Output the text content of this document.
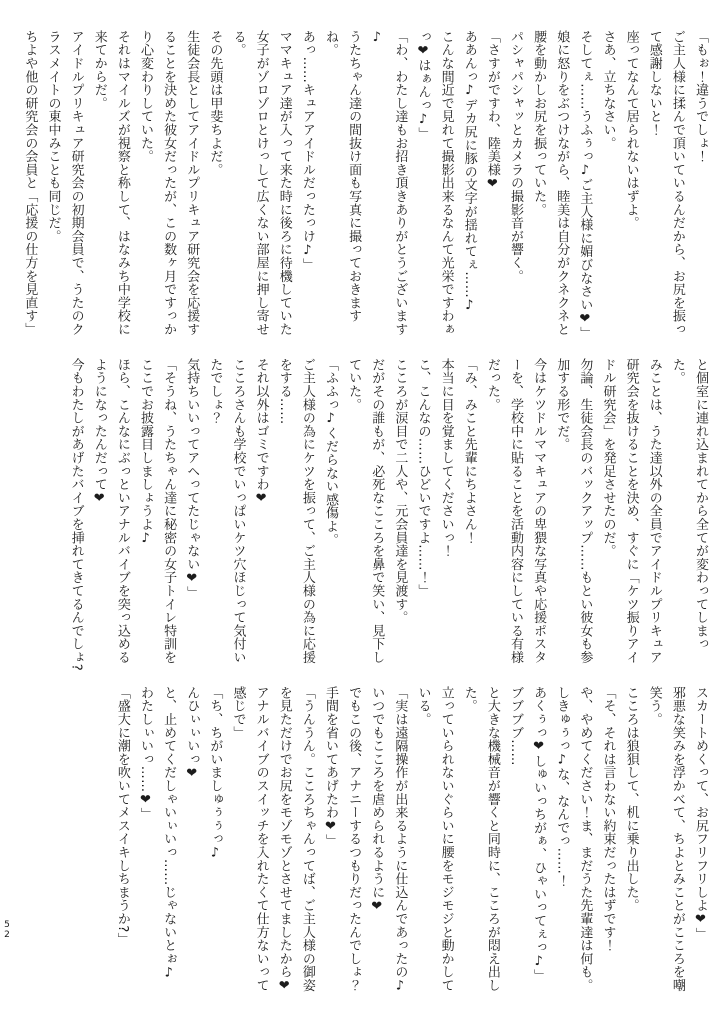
「もぉ！違うでしょ！

ご主人様に揉んで頂いているんだから、お尻を振って感謝しないと！

座ってなんて居られないはずよ。

さあ、立ちなさい。

そしてぇ……うふぅっ♪ご主人様に媚びなさい❤」

娘に怒りをぶつけながら、睦美は自分がクネクネと腰を動かしお尻を振っていた。

パシャパシャッとカメラの撮影音が響く。

「さすがですわ、陸美様❤

ああんっ♪デカ尻に豚の文字が揺れてぇ……♪

こんな間近で見れて撮影出来るなんて光栄ですわぁっ❤はぁんっ♪」

「わ、わたし達もお招き頂きありがとうございます♪

うたちゃん達の間抜け面も写真に撮っておきますね。

あっ……キュアアイドルだったっけ♪」

ママキュア達が入って来た時に後ろに待機していた女子がゾロゾロとけっして広くない部屋に押し寄せる。

その先頭は甲斐ちよだ。

生徒会長としてアイドルプリキュア研究会を応援することを決めた彼女だったが、この数ヶ月ですっかり心変わりしていた。

それはマイルズが視察と称して、はなみち中学校に来てからだ。

アイドルプリキュア研究会の初期会員で、うたのクラスメイトの東中みことも同じだ。

ちよや他の研究会の会員と「応援の仕方を見直す」

と個室に連れ込まれてから全てが変わってしまった。

みことは、うた達以外の全員でアイドルプリキュア研究会を抜けることを決め、すぐに「ケツ振りアイドル研究会」を発足させたのだ。

勿論、生徒会長のバックアップ……もとい彼女も参加する形でだ。

今はケツドルママキュアの卑猥な写真や応援ポスターを、学校中に貼ることを活動内容にしている有様だった。

「み、みこと先輩にちよさん！

本当に目を覚ましてくださいっ！

こ、こんなの……ひどいですよ……！」

こころが涙目で二人や、元会員達を見渡す。

だがその誰もが、必死なこころを鼻で笑い、見下していた。

「ふふっ♪くだらない感傷よ。

ご主人様の為にケツを振って、ご主人様の為に応援をする……

それ以外はゴミですわ❤

こころさんも学校でいっぱいケツ穴ほじって気付いたでしょ？

気持ちいいってアヘってたじゃない❤」

「そうね、うたちゃん達に秘密の女子トイレ特訓をここでお披露目しましょうよ♪

ほら、こんなにぶっといアナルバイブを突っ込めるようになったんだって❤

今もわたしがあげたバイブを挿れてきてるんでしょ?

スカートめくって、お尻フリフリしよ❤」

邪悪な笑みを浮かべて、ちよとみことがこころを嘲笑う。

こころは狼狽して、机に乗り出した。

「そ、それは言わない約束だったはずです！

や、やめてください！ま、まだうた先輩達は何も。

しきゅぅっ♪な、なんでっ……！

あくぅっ❤しゅいっちがぁ、ひゃいってぇっ♪」

ブブブブ……

と大きな機械音が響くと同時に、こころが悶え出した。

立っていられないぐらいに腰をモジモジと動かしている。

「実は遠隔操作が出来るように仕込んであったの♪

いつでもこころを虐められるように❤

でもこの後、アナニーするつもりだったんでしょ？

手間を省いてあげたわ❤」

「うんうん。こころちゃんってば、ご主人様の御姿を見ただけでお尻をモゾモゾとさせてましたから❤

アナルバイブのスイッチを入れたくて仕方ないって感じで」

「ち、ちがいましゅぅぅっ♪

んひぃぃいっ❤

と、止めてくだしゃいぃいっ……じゃないとぉ♪

わたしぃいっ……❤」

「盛大に潮を吹いてメスイキしちまうか?」

52
